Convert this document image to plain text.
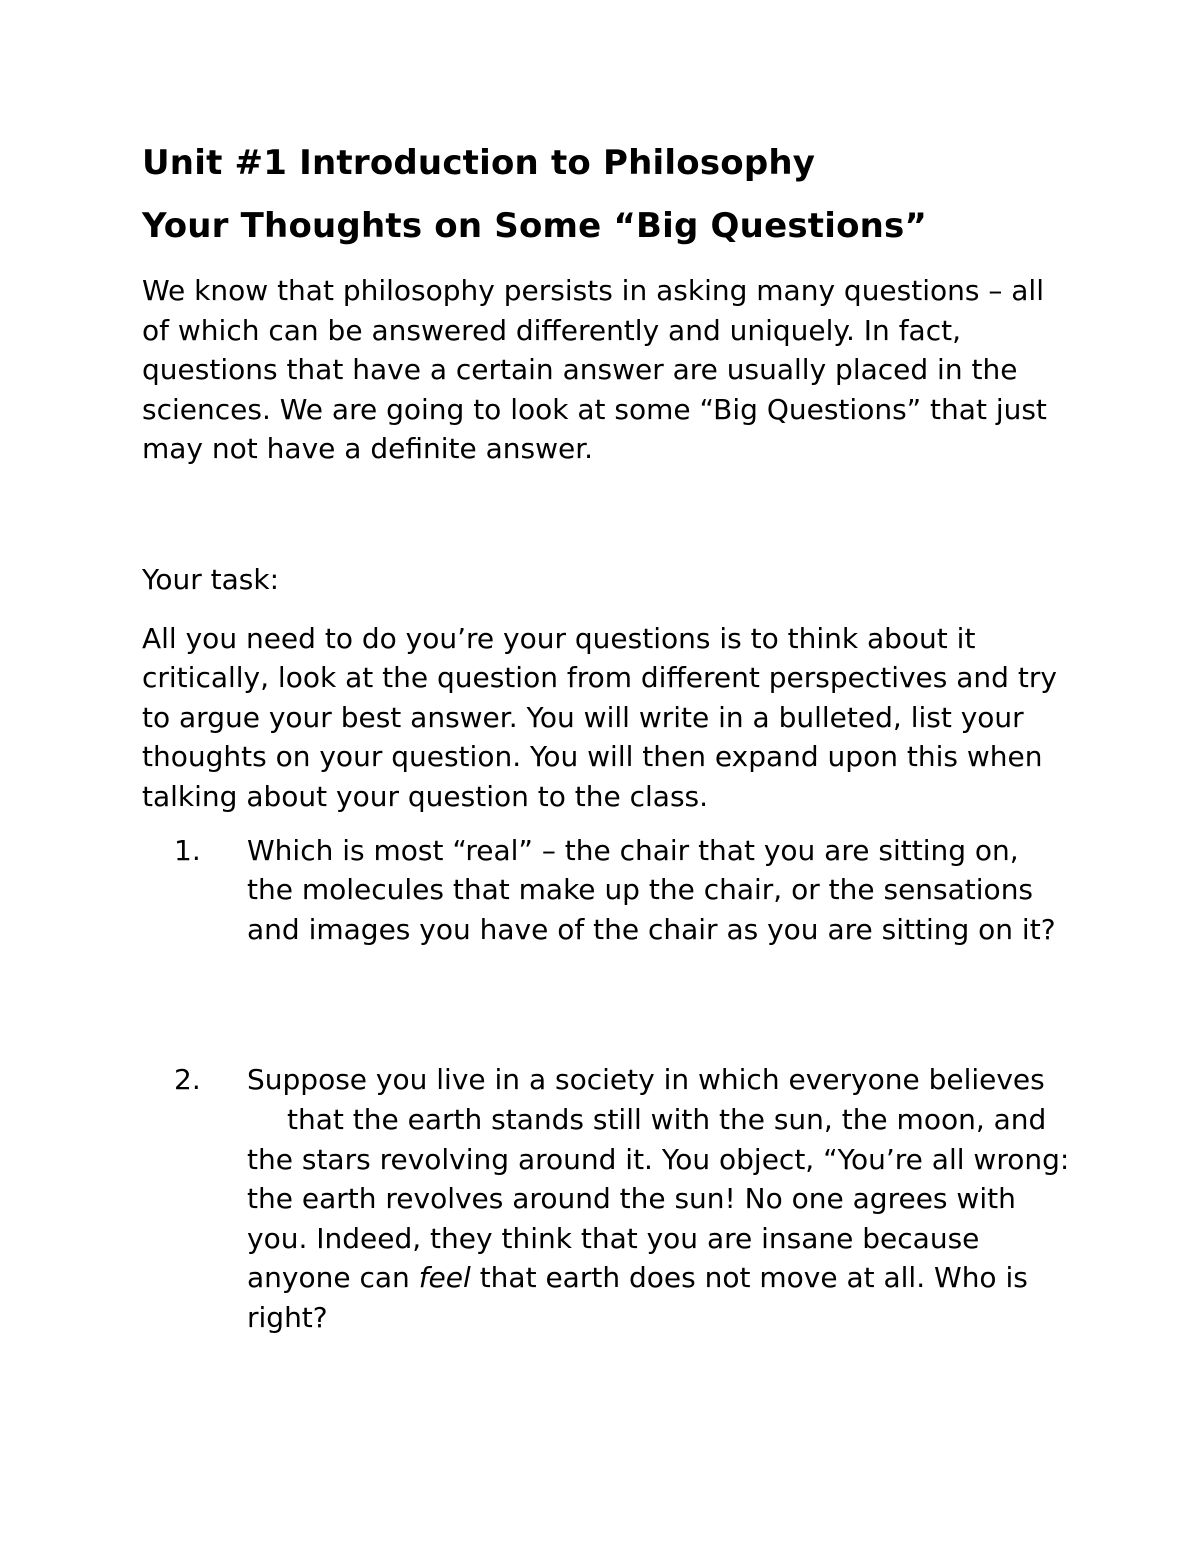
Unit #1 Introduction to Philosophy
Your Thoughts on Some “Big Questions”

We know that philosophy persists in asking many questions – all of which can be answered differently and uniquely. In fact, questions that have a certain answer are usually placed in the sciences. We are going to look at some “Big Questions” that just may not have a definite answer.

Your task:

All you need to do you’re your questions is to think about it critically, look at the question from different perspectives and try to argue your best answer. You will write in a bulleted, list your thoughts on your question. You will then expand upon this when talking about your question to the class.

1. Which is most “real” – the chair that you are sitting on, the molecules that make up the chair, or the sensations and images you have of the chair as you are sitting on it?
2. Suppose you live in a society in which everyone believesthat the earth stands still with the sun, the moon, and the stars revolving around it. You object, “You’re all wrong: the earth revolves around the sun! No one agrees with you. Indeed, they think that you are insane because anyone can feel that earth does not move at all. Who is right?
